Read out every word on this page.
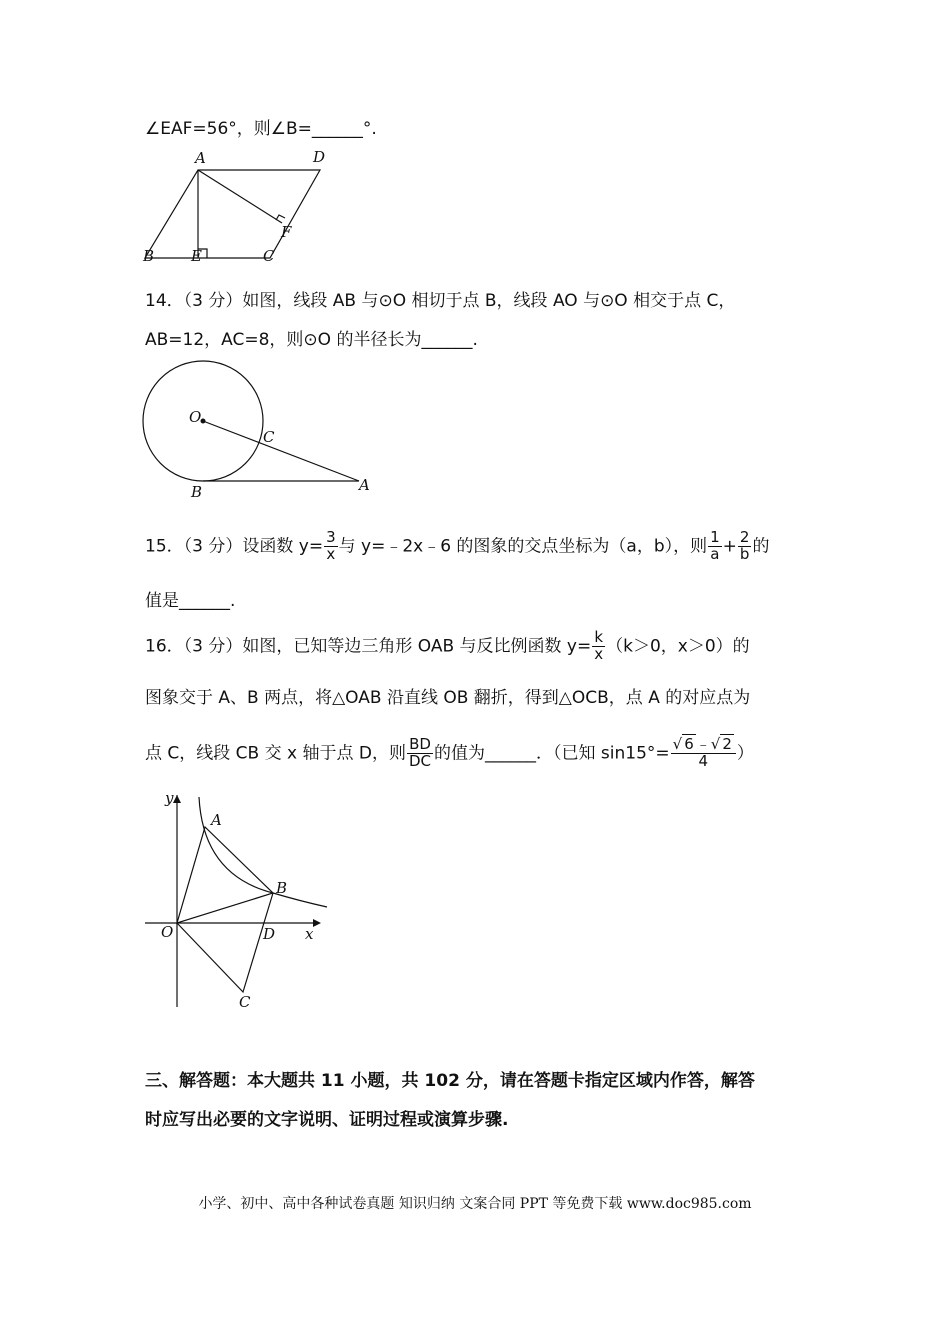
∠EAF=56°，则∠B=______°.
A	D
B E	C
F
14．（3 分）如图，线段 AB 与⊙O 相切于点 B，线段 AO 与⊙O 相交于点 C，
AB=12，AC=8，则⊙O 的半径长为______.
O
C
B	A
15．（3 分）设函数 $y= \frac{3}{x}$ 与 y=﹣2x﹣6 的图象的交点坐标为（a，b），则 $\frac{1}{a} + \frac{2}{b}$ 的
值是______.
16．（3 分）如图，已知等边三角形 OAB 与反比例函数 $y= \frac{k}{x} (k>0$，x＞0）的
图象交于 A、B 两点，将△OAB 沿直线 OB 翻折，得到△OCB，点 A 的对应点为
点 C，线段 CB 交 x 轴于点 D，则 $\frac{BD}{DC}$ 的值为______．（已知 $\sin 15^\circ= \frac{√ 6 ﹣√ 2}{4}$ ）
y
A
B
O	D x
C
三、解答题：本大题共 11 小题，共 102 分，请在答题卡指定区域内作答，解答
时应写出必要的文字说明、证明过程或演算步骤.
小学、初中、高中各种试卷真题 知识归纳 文案合同 PPT 等免费下载 www.doc985.com
